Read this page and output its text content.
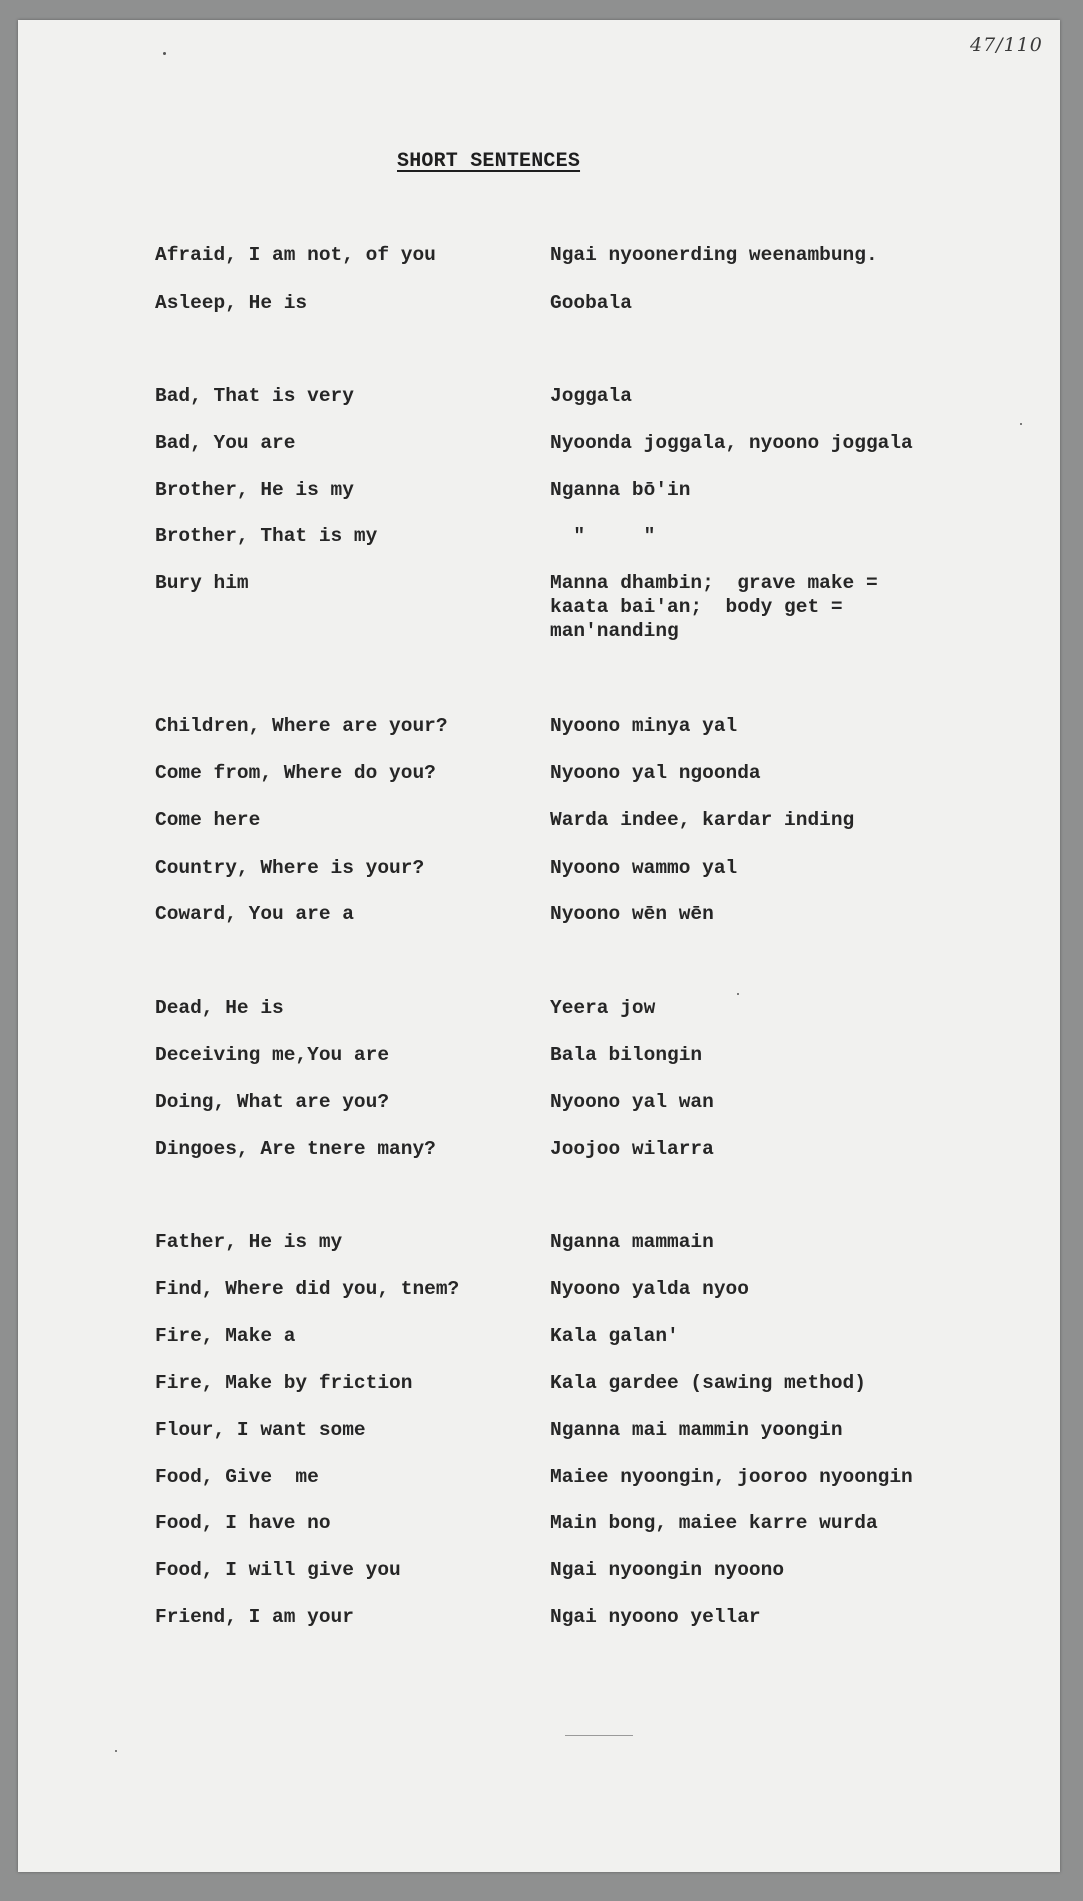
47/110
SHORT SENTENCES
Afraid, I am not, of you	Ngai nyoonerding weenambung.
Asleep, He is	Goobala
Bad, That is very	Joggala
Bad, You are	Nyoonda joggala, nyoono joggala
Brother, He is my	Nganna bō'in
Brother, That is my	"     "
Bury him	Manna dhambin;  grave make =
kaata bai'an;  body get =
man'nanding
Children, Where are your?	Nyoono minya yal
Come from, Where do you?	Nyoono yal ngoonda
Come here	Warda indee, kardar inding
Country, Where is your?	Nyoono wammo yal
Coward, You are a	Nyoono wēn wēn
Dead, He is	Yeera jow
Deceiving me,You are	Bala bilongin
Doing, What are you?	Nyoono yal wan
Dingoes, Are tnere many?	Joojoo wilarra
Father, He is my	Nganna mammain
Find, Where did you, tnem?	Nyoono yalda nyoo
Fire, Make a	Kala galan'
Fire, Make by friction	Kala gardee (sawing method)
Flour, I want some	Nganna mai mammin yoongin
Food, Give  me	Maiee nyoongin, jooroo nyoongin
Food, I have no	Main bong, maiee karre wurda
Food, I will give you	Ngai nyoongin nyoono
Friend, I am your	Ngai nyoono yellar
